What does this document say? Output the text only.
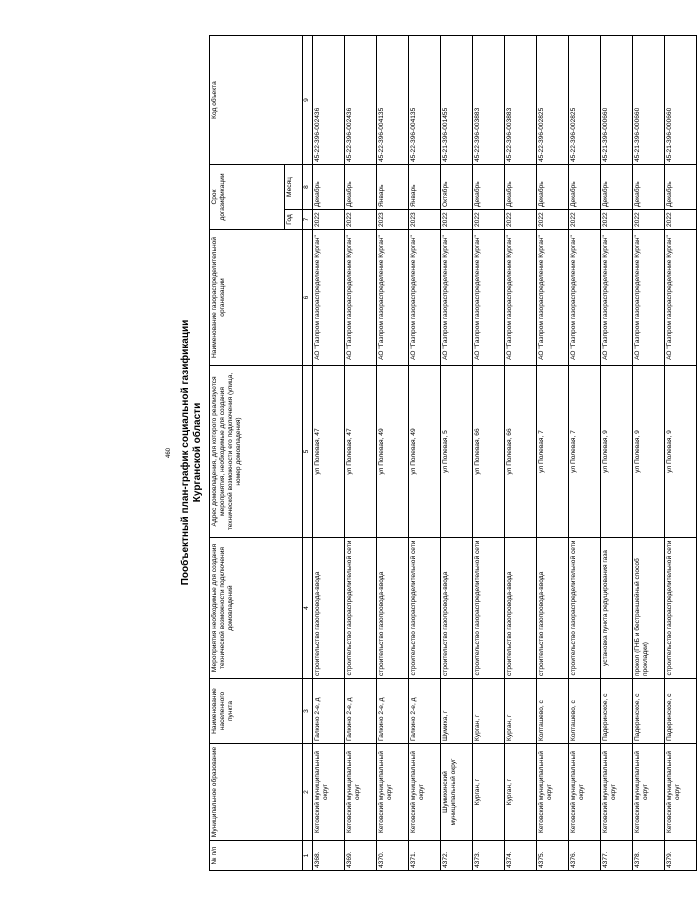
460 Пообъектный план-график социальной газификации Курганской области
№ п/п	Муниципальное образование	Наименование населенного пункта	Мероприятия необходимые для создания технической возможности подключения домовладений	Адрес домовладения, для которого реализуются мероприятия, необходимые для создания технической возможности его подключения (улица, номер домовладения)	Наименование газораспределительной организации	Срок догазификации		Код объекта
						Год	Месяц	
1	2	3	4	5	6	7	8	9
4368.	Кетовский муниципальный округ	Галкино 2-е, д	строительство газопровода-ввода	ул Полевая, 47	АО "Газпром газораспределение Курган"	2022	Декабрь	45-22-396-002436
4369.	Кетовский муниципальный округ	Галкино 2-е, д	строительство газораспределительной сети	ул Полевая, 47	АО "Газпром газораспределение Курган"	2022	Декабрь	45-22-396-002436
4370.	Кетовский муниципальный округ	Галкино 2-е, д	строительство газопровода-ввода	ул Полевая, 49	АО "Газпром газораспределение Курган"	2023	Январь	45-22-396-004135
4371.	Кетовский муниципальный округ	Галкино 2-е, д	строительство газораспределительной сети	ул Полевая, 49	АО "Газпром газораспределение Курган"	2023	Январь	45-22-396-004135
4372.	Шумихинский муниципальный округ	Шумиха, г	строительство газопровода-ввода	ул Полевая, 5	АО "Газпром газораспределение Курган"	2022	Октябрь	45-21-396-001455
4373.	Курган, г	Курган, г	строительство газораспределительной сети	ул Полевая, 66	АО "Газпром газораспределение Курган"	2022	Декабрь	45-22-396-003883
4374.	Курган, г	Курган, г	строительство газопровода-ввода	ул Полевая, 66	АО "Газпром газораспределение Курган"	2022	Декабрь	45-22-396-003883
4375.	Кетовский муниципальный округ	Колташево, с	строительство газопровода-ввода	ул Полевая, 7	АО "Газпром газораспределение Курган"	2022	Декабрь	45-22-396-002825
4376.	Кетовский муниципальный округ	Колташево, с	строительство газораспределительной сети	ул Полевая, 7	АО "Газпром газораспределение Курган"	2022	Декабрь	45-22-396-002825
4377.	Кетовский муниципальный округ	Падеринское, с	установка пункта редуцирования газа	ул Полевая, 9	АО "Газпром газораспределение Курган"	2022	Декабрь	45-21-396-000660
4378.	Кетовский муниципальный округ	Падеринское, с	прокол (ГНБ и бестраншейный способ прокладки)	ул Полевая, 9	АО "Газпром газораспределение Курган"	2022	Декабрь	45-21-396-000660
4379.	Кетовский муниципальный округ	Падеринское, с	строительство газораспределительной сети	ул Полевая, 9	АО "Газпром газораспределение Курган"	2022	Декабрь	45-21-396-000660
